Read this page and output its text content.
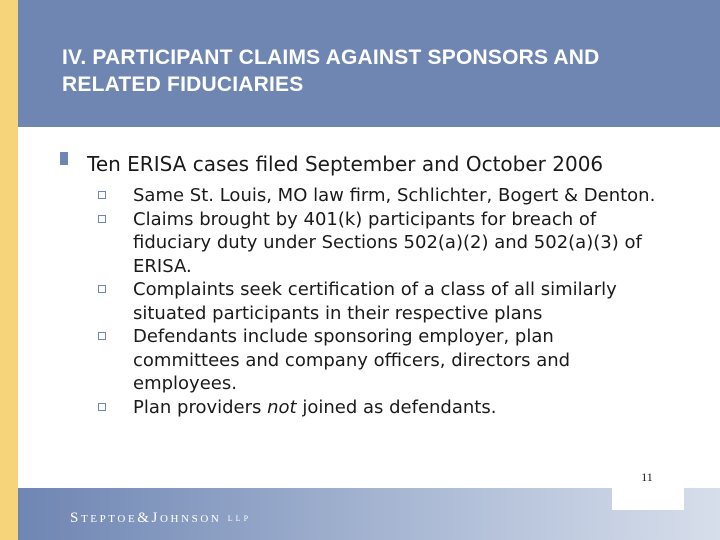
IV. PARTICIPANT CLAIMS AGAINST SPONSORS AND RELATED FIDUCIARIES
Ten ERISA cases filed September and October 2006
Same St. Louis, MO law firm, Schlichter, Bogert & Denton.
Claims brought by 401(k) participants for breach of fiduciary duty under Sections 502(a)(2) and 502(a)(3) of ERISA.
Complaints seek certification of a class of all similarly situated participants in their respective plans
Defendants include sponsoring employer, plan committees and company officers, directors and employees.
Plan providers not joined as defendants.
Steptoe&Johnson LLP
11
